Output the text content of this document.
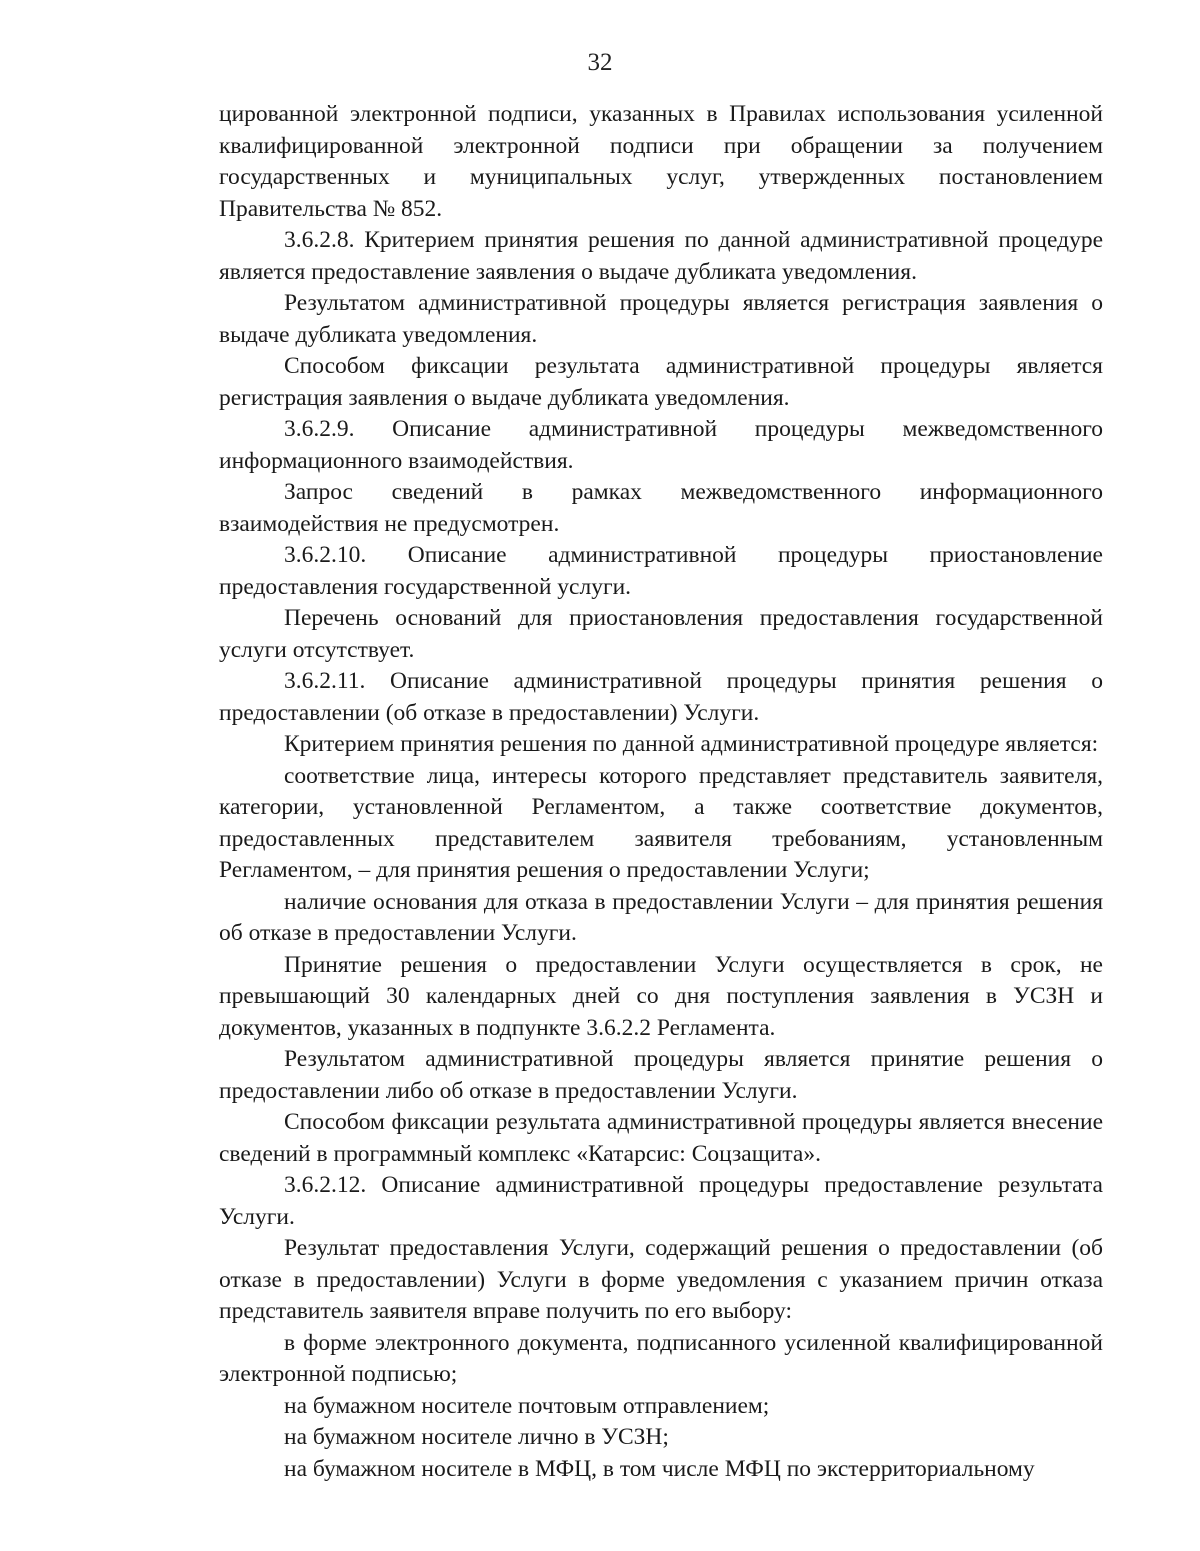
32

цированной электронной подписи, указанных в Правилах использования усиленной квалифицированной электронной подписи при обращении за получением государственных и муниципальных услуг, утвержденных постановлением Правительства № 852.

3.6.2.8. Критерием принятия решения по данной административной процедуре является предоставление заявления о выдаче дубликата уведомления.

Результатом административной процедуры является регистрация заявления о выдаче дубликата уведомления.

Способом фиксации результата административной процедуры является регистрация заявления о выдаче дубликата уведомления.

3.6.2.9. Описание административной процедуры межведомственного информационного взаимодействия.

Запрос сведений в рамках межведомственного информационного взаимодействия не предусмотрен.

3.6.2.10. Описание административной процедуры приостановление предоставления государственной услуги.

Перечень оснований для приостановления предоставления государственной услуги отсутствует.

3.6.2.11. Описание административной процедуры принятия решения о предоставлении (об отказе в предоставлении) Услуги.

Критерием принятия решения по данной административной процедуре является:

соответствие лица, интересы которого представляет представитель заявителя, категории, установленной Регламентом, а также соответствие документов, предоставленных представителем заявителя требованиям, установленным Регламентом, – для принятия решения о предоставлении Услуги;

наличие основания для отказа в предоставлении Услуги – для принятия решения об отказе в предоставлении Услуги.

Принятие решения о предоставлении Услуги осуществляется в срок, не превышающий 30 календарных дней со дня поступления заявления в УСЗН и документов, указанных в подпункте 3.6.2.2 Регламента.

Результатом административной процедуры является принятие решения о предоставлении либо об отказе в предоставлении Услуги.

Способом фиксации результата административной процедуры является внесение сведений в программный комплекс «Катарсис: Соцзащита».

3.6.2.12. Описание административной процедуры предоставление результата Услуги.

Результат предоставления Услуги, содержащий решения о предоставлении (об отказе в предоставлении) Услуги в форме уведомления с указанием причин отказа представитель заявителя вправе получить по его выбору:

в форме электронного документа, подписанного усиленной квалифицированной электронной подписью;

на бумажном носителе почтовым отправлением;

на бумажном носителе лично в УСЗН;

на бумажном носителе в МФЦ, в том числе МФЦ по экстерриториальному
